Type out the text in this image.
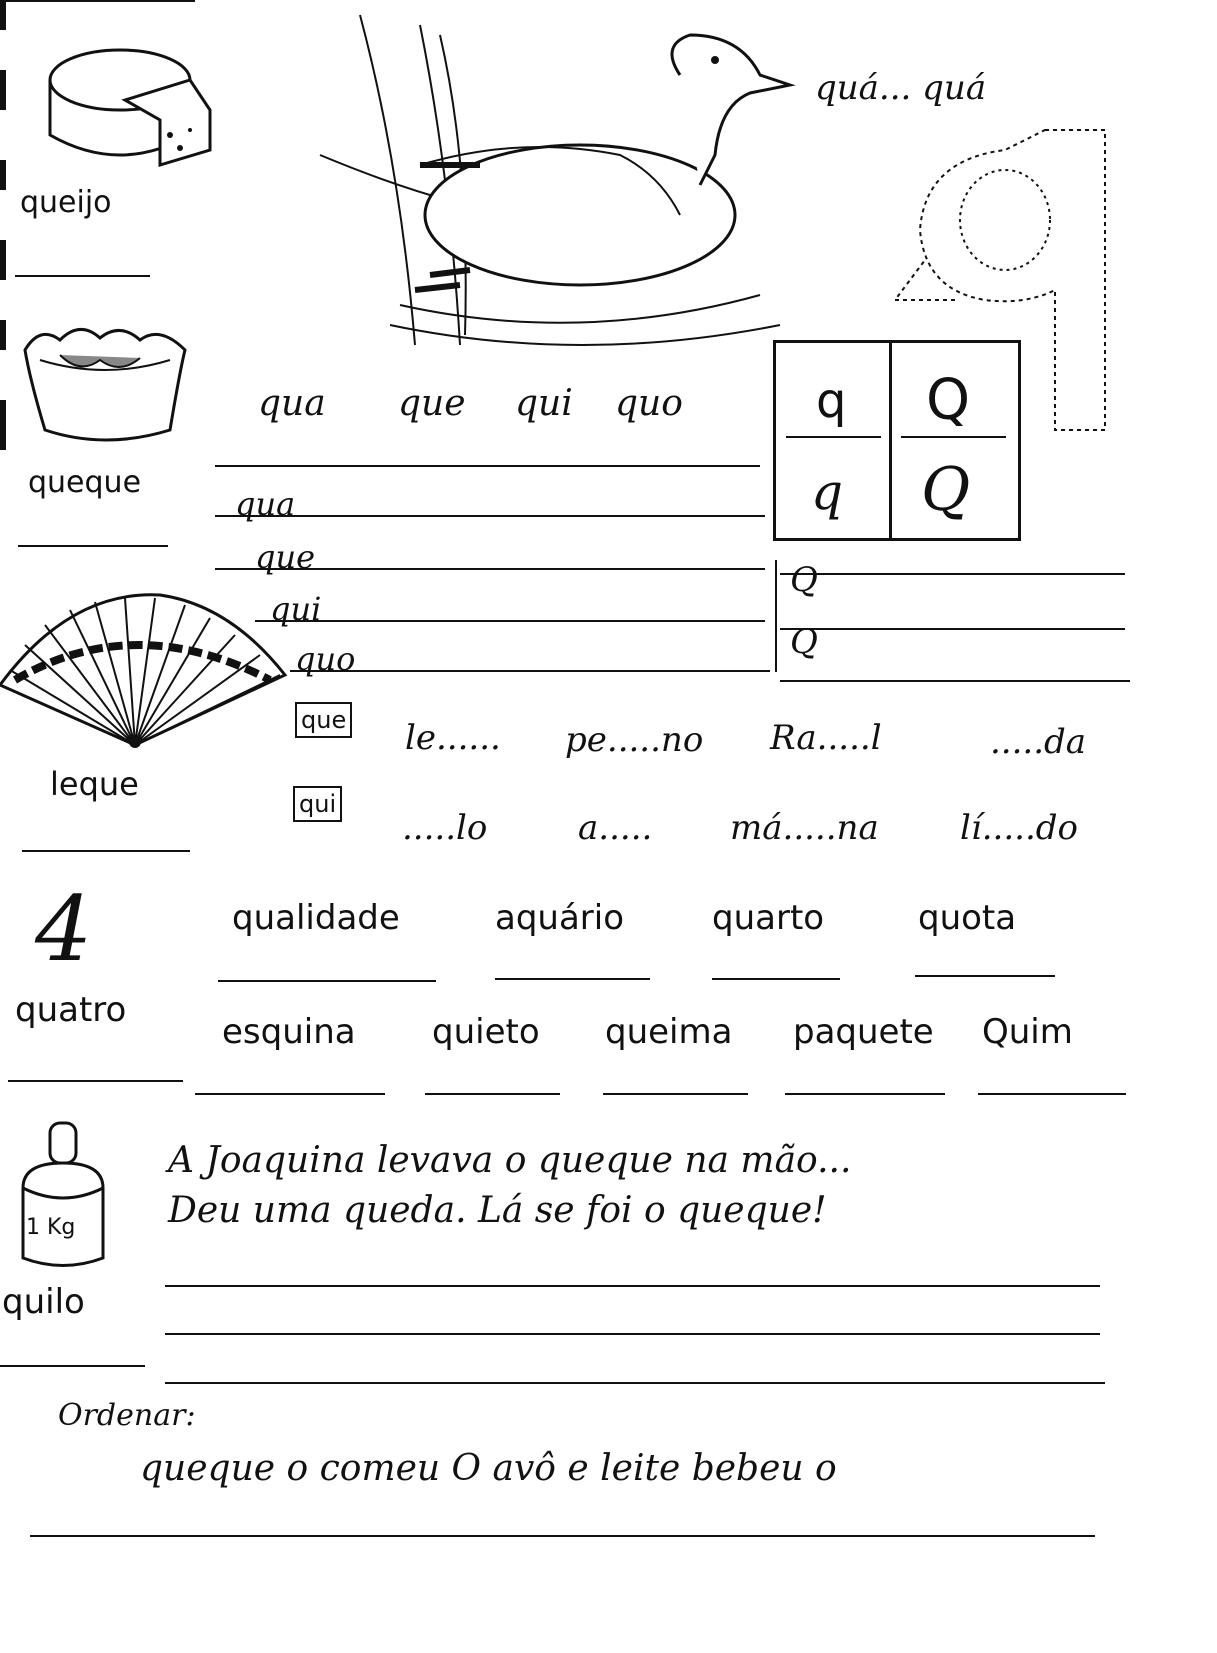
queijo
quá... quá
queque
qua que qui quo	q Q
q Q
qua
que
qui
quo
Q
Q
leque
que le...... pe.....no Ra.....l	.....da
qui
.....lo	a..... má.....na lí.....do
4
quatro
qualidade	aquário	quarto	quota
esquina quieto queima paquete Quim
1 Kg
quilo
A Joaquina levava o queque na mão...
Deu uma queda. Lá se foi o queque!
Ordenar:
queque o comeu O avô e leite bebeu o
